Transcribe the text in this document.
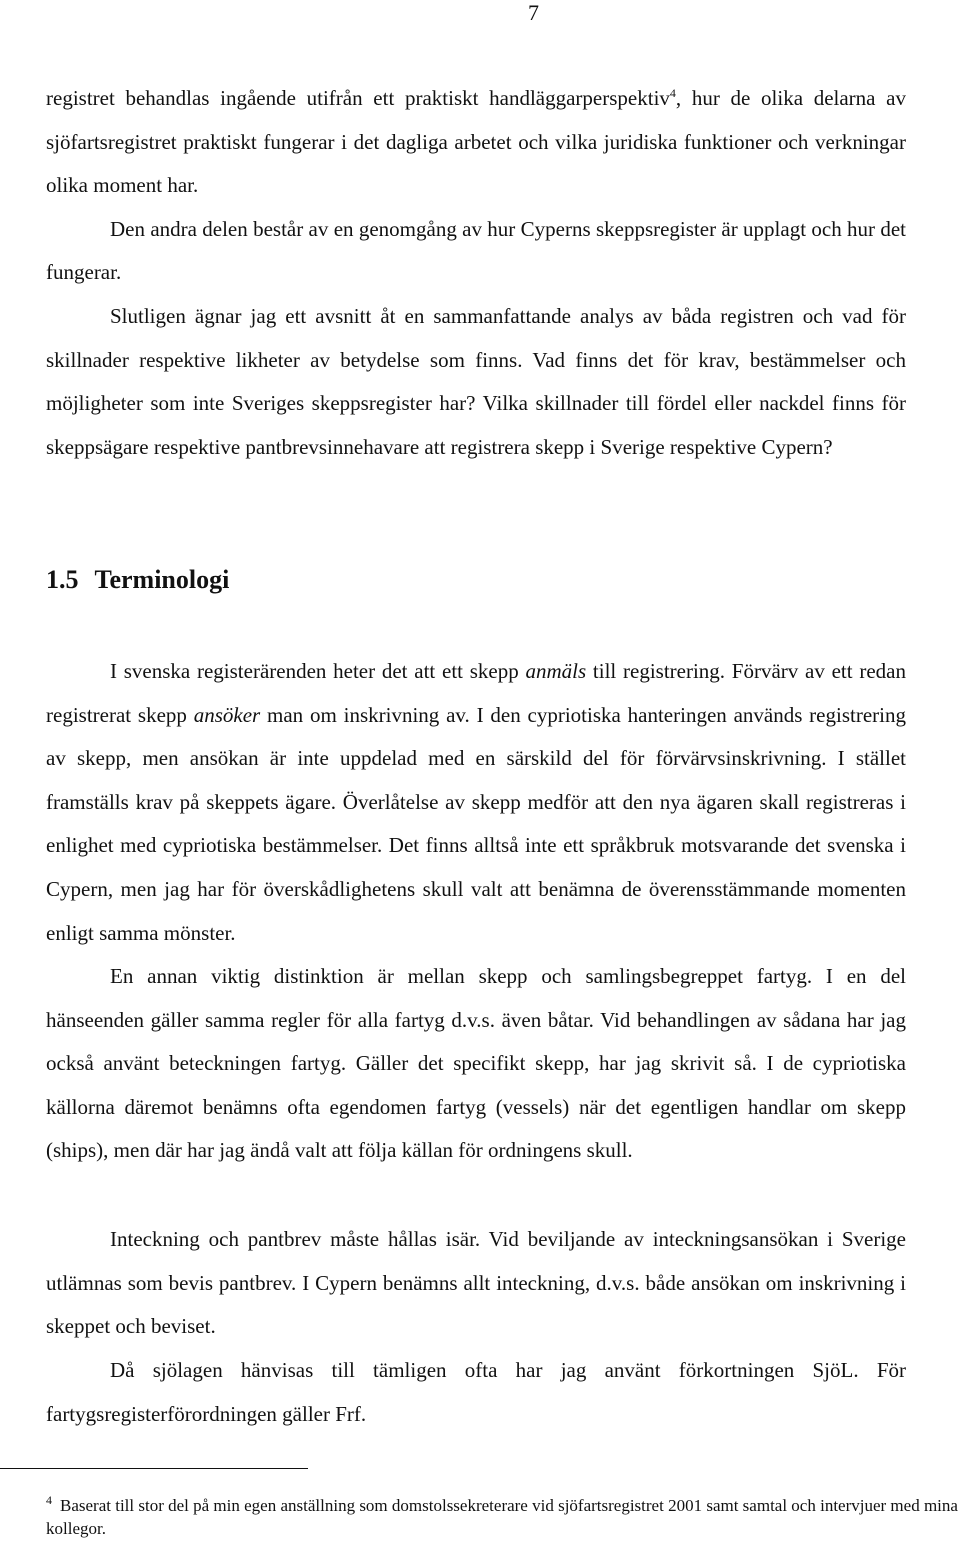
7

registret behandlas ingående utifrån ett praktiskt handläggarperspektiv$^4$, hur de olika delarna av sjöfartsregistret praktiskt fungerar i det dagliga arbetet och vilka juridiska funktioner och verkningar olika moment har.
Den andra delen består av en genomgång av hur Cyperns skeppsregister är upplagt och hur det fungerar.

Slutligen ägnar jag ett avsnitt åt en sammanfattande analys av båda registren och vad för skillnader respektive likheter av betydelse som finns. Vad finns det för krav, bestämmelser och möjligheter som inte Sveriges skeppsregister har? Vilka skillnader till fördel eller nackdel finns för skeppsägare respektive pantbrevsinnehavare att registrera skepp i Sverige respektive Cypern?

1.5 Terminologi

I svenska registerärenden heter det att ett skepp anmäls till registrering. Förvärv av ett redan registrerat skepp ansöker man om inskrivning av. I den cypriotiska hanteringen används registrering av skepp, men ansökan är inte uppdelad med en särskild del för förvärvsinskrivning. I stället framställs krav på skeppets ägare. Överlåtelse av skepp medför att den nya ägaren skall registreras i enlighet med cypriotiska bestämmelser. Det finns alltså inte ett språkbruk motsvarande det svenska i Cypern, men jag har för överskådlighetens skull valt att benämna de överensstämmande momenten enligt samma mönster.

En annan viktig distinktion är mellan skepp och samlingsbegreppet fartyg. I en del hänseenden gäller samma regler för alla fartyg d.v.s. även båtar. Vid behandlingen av sådana har jag också använt beteckningen fartyg. Gäller det specifikt skepp, har jag skrivit så. I de cypriotiska källorna däremot benämns ofta egendomen fartyg (vessels) när det egentligen handlar om skepp (ships), men där har jag ändå valt att följa källan för ordningens skull.

Inteckning och pantbrev måste hållas isär. Vid beviljande av inteckningsansökan i Sverige utlämnas som bevis pantbrev. I Cypern benämns allt inteckning, d.v.s. både ansökan om inskrivning i skeppet och beviset.

Då sjölagen hänvisas till tämligen ofta har jag använt förkortningen SjöL. För fartygsregisterförordningen gäller Frf.

$^4$ Baserat till stor del på min egen anställning som domstolssekreterare vid sjöfartsregistret 2001 samt samtal och intervjuer med mina kollegor.
